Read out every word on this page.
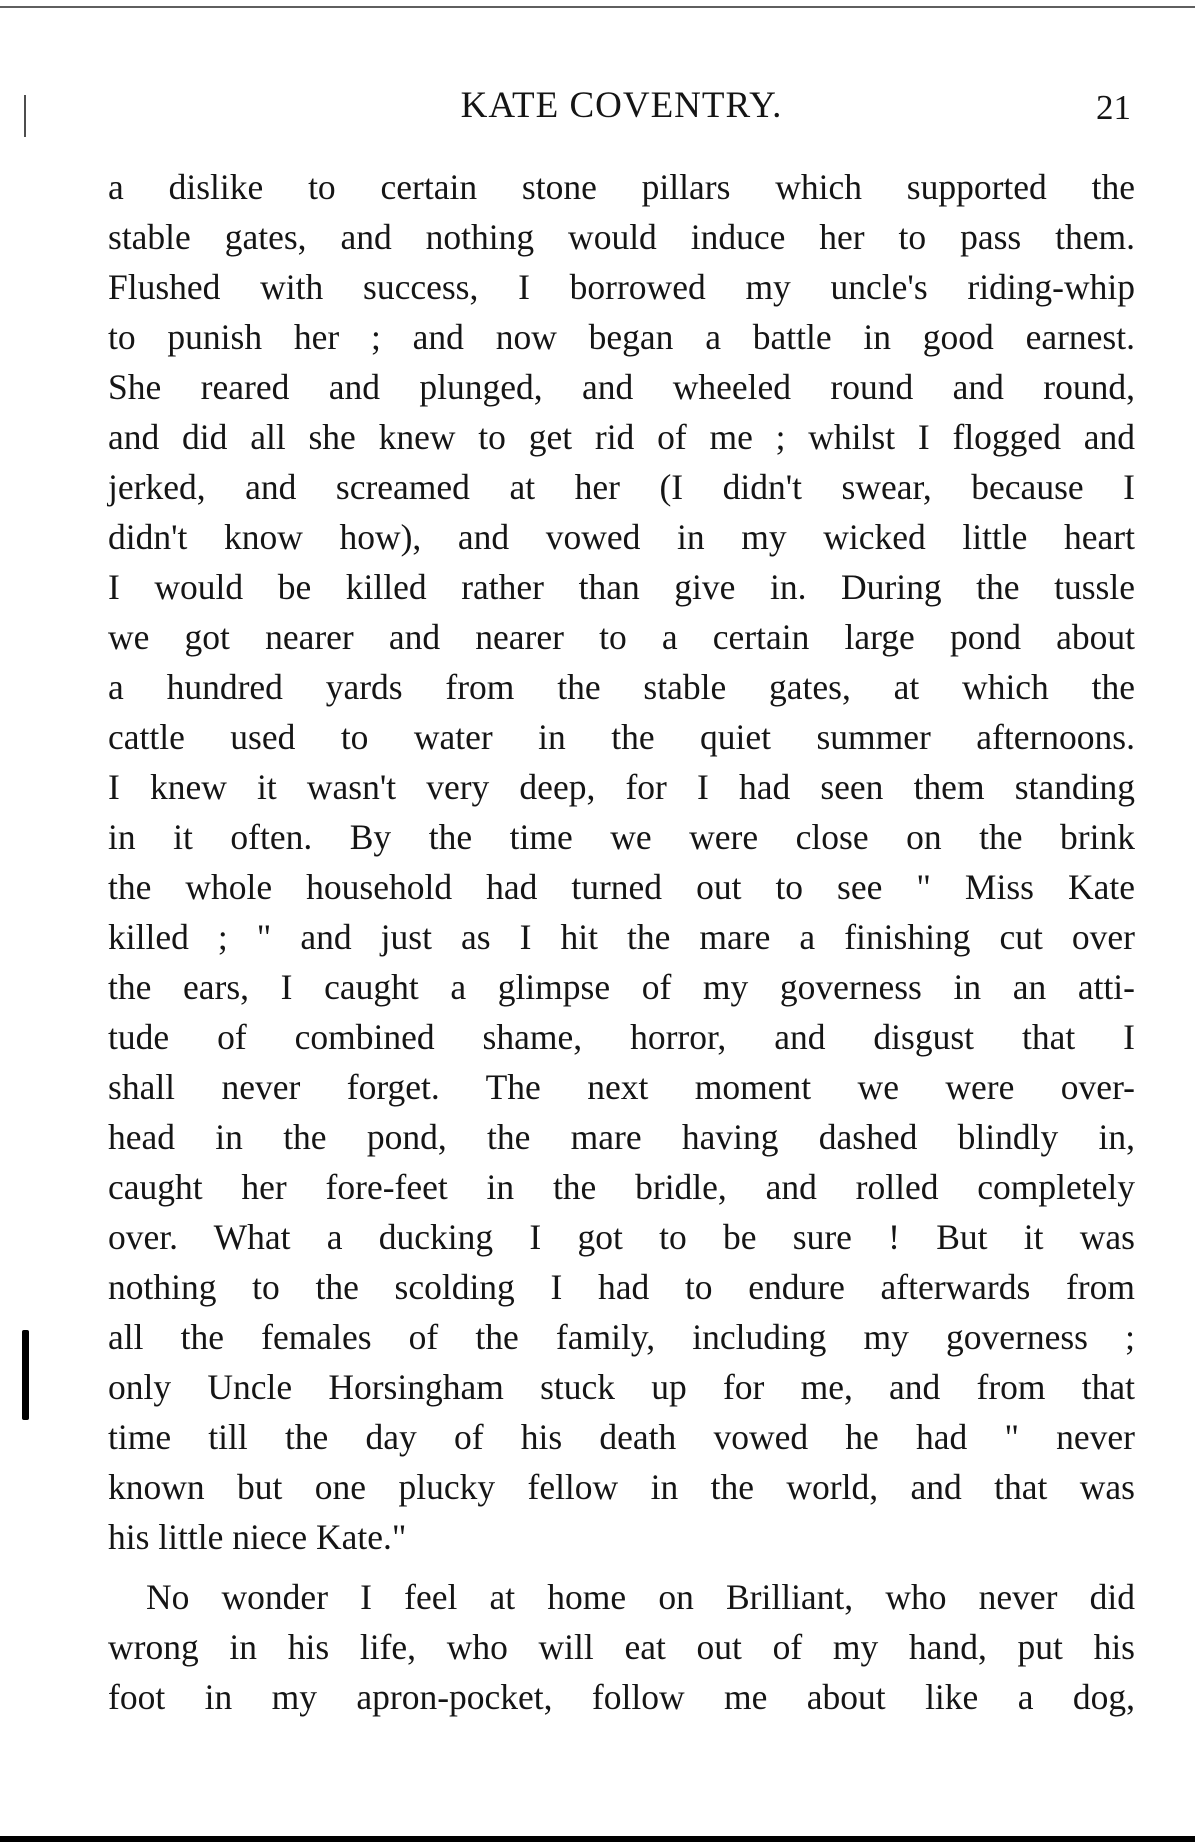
KATE COVENTRY.	21

a dislike to certain stone pillars which supported the
stable gates, and nothing would induce her to pass them.
Flushed with success, I borrowed my uncle's riding-whip
to punish her ; and now began a battle in good earnest.
She reared and plunged, and wheeled round and round,
and did all she knew to get rid of me ; whilst I flogged and
jerked, and screamed at her (I didn't swear, because I
didn't know how), and vowed in my wicked little heart
I would be killed rather than give in. During the tussle
we got nearer and nearer to a certain large pond about
a hundred yards from the stable gates, at which the
cattle used to water in the quiet summer afternoons.
I knew it wasn't very deep, for I had seen them standing
in it often. By the time we were close on the brink
the whole household had turned out to see " Miss Kate
killed ; " and just as I hit the mare a finishing cut over
the ears, I caught a glimpse of my governess in an atti-
tude of combined shame, horror, and disgust that I
shall never forget. The next moment we were over-
head in the pond, the mare having dashed blindly in,
caught her fore-feet in the bridle, and rolled completely
over. What a ducking I got to be sure ! But it was
nothing to the scolding I had to endure afterwards from
all the females of the family, including my governess ;
only Uncle Horsingham stuck up for me, and from that
time till the day of his death vowed he had " never
known but one plucky fellow in the world, and that was
his little niece Kate."

No wonder I feel at home on Brilliant, who never did
wrong in his life, who will eat out of my hand, put his
foot in my apron-pocket, follow me about like a dog,
